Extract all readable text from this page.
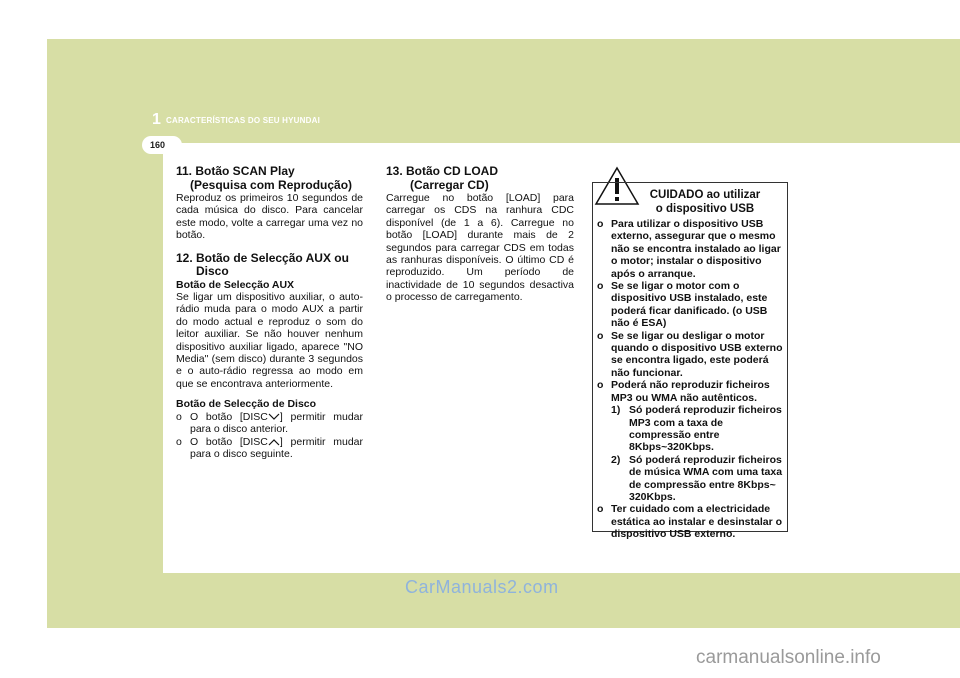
1 CARACTERÍSTICAS DO SEU HYUNDAI
160
11. Botão SCAN Play
(Pesquisa com Reprodução)

Reproduz os primeiros 10 segundos de cada música do disco. Para cancelar este modo, volte a carregar uma vez no botão.

12. Botão de Selecção AUX ou
Disco
Botão de Selecção AUX

Se ligar um dispositivo auxiliar, o auto-rádio muda para o modo AUX a partir do modo actual e reproduz o som do leitor auxiliar. Se não houver nenhum dispositivo auxiliar ligado, aparece "NO Media" (sem disco) durante 3 segundos e o auto-rádio regressa ao modo em que se encontrava anteriormente.

Botão de Selecção de Disco
o O botão [DISC ] permitir mudar para o disco anterior.
o O botão [DISC ] permitir mudar para o disco seguinte.
13. Botão CD LOAD
(Carregar CD)

Carregue no botão [LOAD] para carregar os CDS na ranhura CDC disponível (de 1 a 6). Carregue no botão [LOAD] durante mais de 2 segundos para carregar CDS em todas as ranhuras disponíveis. O último CD é reproduzido. Um período de inactividade de 10 segundos desactiva o processo de carregamento.

CUIDADO ao utilizar
o dispositivo USB
o Para utilizar o dispositivo USB externo, assegurar que o mesmo não se encontra instalado ao ligar o motor; instalar o dispositivo após o arranque.
o Se se ligar o motor com o dispositivo USB instalado, este poderá ficar danificado. (o USB não é ESA)
o Se se ligar ou desligar o motor quando o dispositivo USB externo se encontra ligado, este poderá não funcionar.
o Poderá não reproduzir ficheiros MP3 ou WMA não autênticos.
1) Só poderá reproduzir ficheiros MP3 com a taxa de compressão entre 8Kbps~320Kbps.
2) Só poderá reproduzir ficheiros de música WMA com uma taxa de compressão entre 8Kbps~ 320Kbps.
o Ter cuidado com a electricidade estática ao instalar e desinstalar o dispositivo USB externo.
CarManuals2.com
carmanualsonline.info
